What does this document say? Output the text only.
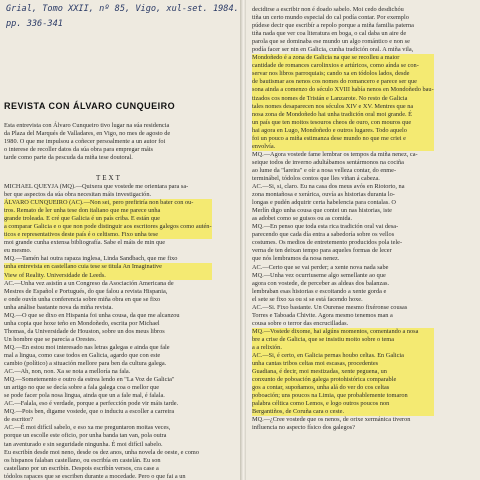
Grial, Tomo XXII, nº 85, Vigo, xul-set. 1984.
pp. 336-341
REVISTA CON ÁLVARO CUNQUEIRO

Esta entrevista con Álvaro Cunqueiro tivo lugar na súa residencia

da Plaza del Marqués de Valladares, en Vigo, no mes de agosto de

1980. O que me impulsou a coñecer persoalmente a un autor foi

o interese de recoller datos da súa obra para empregar máis

tarde como parte da pescuda da miña tese doutoral.

TEXT

MICHAEL QUEYJA (MQ).—Quixera que vostede me orientara para sa-

ber que aspectos da súa obra necesitan máis investigación.

ÁLVARO CUNQUEIRO (AC).—Non sei, pero prefiriría non bater con ou-

tros. Remato de ler unha tese don italiano que me parece unha

grande troleada. E cré que Galicia é un país criba. E están que

a comparar Galicia e o que non pode distinguir aos escritores galegos como autén-

ticos e representativos deste país é o celtismo. Fixo unha tese

moi grande cunha extensa bibliografía. Sabe el máis de min que

eu mesmo.

MQ.—Tamén hai outra rapaza inglesa, Linda Sandbach, que me fixo

unha entrevista en castellano cuia tese se titula An Imaginative

View of Reality. Universidade de Leeds.

AC.—Unha vez asistín a un Congreso da Asociación Americana de

Mestres de Español e Portugués, do que falou a revista Hispania,

e onde ouvín unha conferencia sobre miña obra en que se fixo

unha análise bastante nova da miña revista.

MQ.—O que se dixo en Hispania foi unha cousa, da que me alcanzou

unha copia que hoxe teño en Mondoñedo, escrita por Michael

Thomas, da Universidade de Houston, sobre un dos meus libros

Un hombre que se parecía a Orestes.

MQ.—En estou moi interesado nas letras galegas e ainda que fale

mal a lingua, como case todos en Galicia, agardo que con este

cambio (político) a situación mellore para ben da cultura galega.

AC.—Ah, non, non. Xa se nota a melloría na fala.

MQ.—Sometemento e outro da estrea lendo en "La Voz de Galicia"

un artigo no que se decía sobre a fala galega coa o mellor que

se pode facer pola nosa lingua, ainda que un a fale mal, é falala.

AC.—Falala, eso é verdade, porque a perfección pode vir máis tarde.

MQ.—Pois ben, digame vostede, que o induciu a escoller a carreira

de escritor?

AC.—É moi difícil sabelo, e eso xa me preguntaron moitas veces,

porque un escolle este oficio, por unha banda tan van, pola outra

tan aventurado e sin seguridade ningunha. É moi difícil sabelo.

Eu escribín desde moi neno, desde os dez anos, unha novela de oeste, e como

os hispanos falaban castellano, ou escribía en castelán. Eu son

castellano por un escribín. Despois escribín versos, cra case a

tódolos rapaces que se escriben durante a mocedade. Pero o que fai a un

decidirse a escribir non é doado sabelo. Moi cedo desdichóu

tiña un certo mundo especial do cal podía contar. Por exemplo

púdese decir que escribír a repolo porque a miña familia paterna

tiña nada que ver coa literatura en boga, o cal daba un aire de

parola que se dominaba ese mundo un algo romántico e non se

podía facer ser nin en Galicia, cunha tradición oral. A miña vila,

Mondoñedo é a zona de Galicia na que se recolleu a maior

cantidade de romances carolinxios e artúricos, como aínda se con-

servar nos libros parroquiais; cando xa en tódolos lados, desde

de bautismar aos nenos cos nomes do romancero e parece ser que

sona ainda a comenzo do século XVIII había nenos en Mondoñedo bau-

tizados cos nomes de Tristán e Lanzarote. No resto de Galicia

tales nomes desaparecen nos séculos XIV e XV. Mentres que na

nosa zona de Mondoñedo hai unha tradición oral moi grande. É

un país que ten moitos tesouros cheos de ouro, con mouros que

hai agora en Lugo, Mondoñedo e outros lugares. Todo aquelo

foi un pouco a miña estimanza dese mundo no que me criei e

envolvía.

MQ.—Agora vostede fame lembrar os tempos da miña nenez, ca-

seique todos de inverno adultábamos sentármonos na cociña

ao lume da "lareira" e oír a nosa velleza contar, do enme-

terminábel, tódolos contos que lles viñan á cabeza.

AC.—Si, si, claro. Eu na casa dos meus avós en Riotorto, na

zona montañosa e xerárica, ouvía as historias duranta lo-

longas e pudén adquirir certa habelencia para contalas. O

Merlín digo unha cousa que contei un nas historias, iste

as adobei como se guisos ou as comida.

MQ.—En penso que toda esta rica tradición oral vai desa-

parecendo que cada día entra a sabedoría sobre os vellos

costumes. Os medios de entretemento producidos pola tele-

verna de ten deixan tempo para aqueles formas de lecer

que nós lembramos da nosa nenez.

AC.—Certo que se vai perder; a xente nova nada sabe

MQ.—Unha vez ocurriuseme algo semellante ao que

agora con vostede, de perceber as aldeas dos balanzas.

lembraban esas historias e escoitando a xente gorda e

el sete se fixo xa ou si se está facendo hoxe.

AC.—Si. Fixo bastante. Un Ourense mesmo fixéronse cousas

Torres e Taboada Chivite. Agora mesmo tenemos man a

cousa sobre o terror das encrucilladas.

MQ.—Vostede dixome, hai algúns momentos, comentando a nosa

bre a crise de Galicia, que se insistiu moito sobre o tema

a a relixión.

AC.—Si, é certo, en Galicia pernas houbo celtas. En Galicia

unha cantas tribos celtas moi escasas, procedentes

Guadiana, é decir, moi mestizadas, xente peguena, un

conxunto de poboación galega protohistórica comparable

gos a contar, supoñamos, unha alá do ver do cos celtas

poboación; uns poucos na Limia, que probablemente tomaron

palabra céltica como Lemos, e logo outros poucos non

Bergantiños, de Coruña cara o ceste.

MQ.—¿Cree vostede que os nenos, de orixe xermánica tiveron

influencia no aspecto físico dos galegos?
